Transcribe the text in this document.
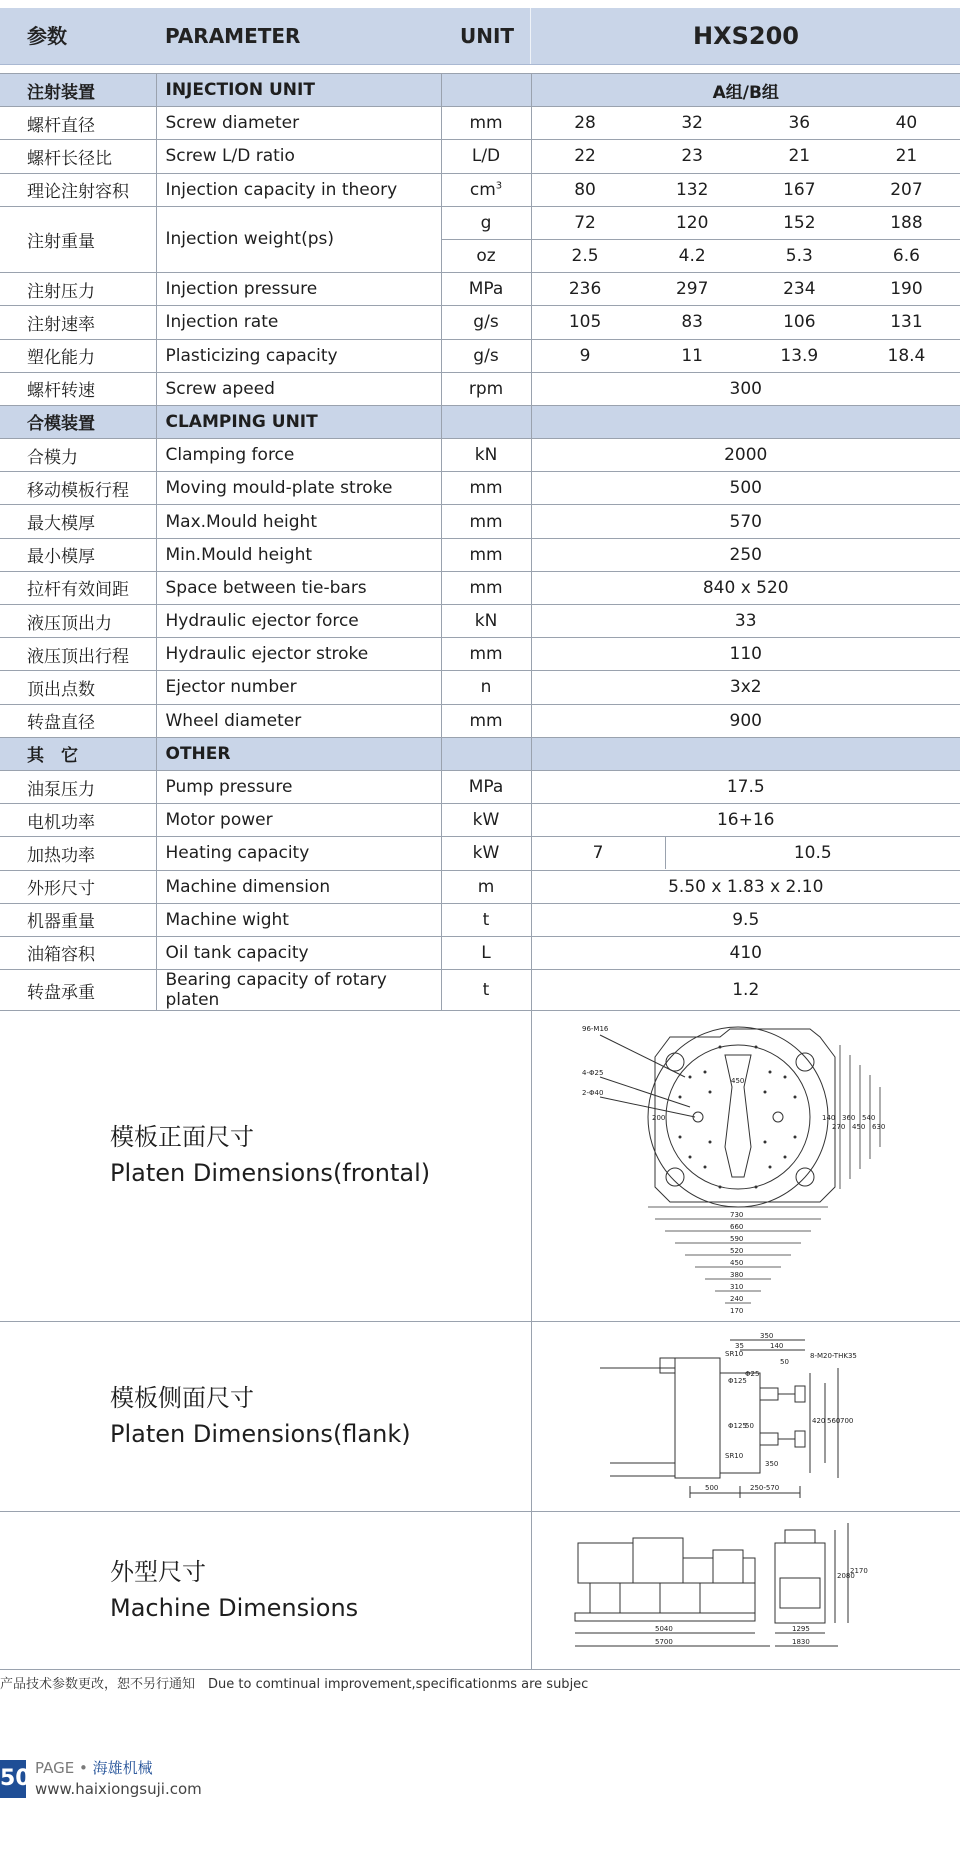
参数	PARAMETER	UNIT	HXS200
注射装置	INJECTION UNIT		A组/B组
螺杆直径	Screw diameter	mm	28 32 36 40

螺杆长径比	Screw L/D ratio	L/D	22 23 21 21

理论注射容积	Injection capacity in theory	$cm^3$	80 132 167 207

注射重量	Injection weight(ps)	g	72 120 152 188

		oz	2.5 4.2 5.3 6.6

注射压力	Injection pressure	MPa	236 297 234 190

注射速率	Injection rate	g/s	105 83 106 131

塑化能力	Plasticizing capacity	g/s	9 11 13.9 18.4

螺杆转速	Screw apeed	rpm	300
合模装置	CLAMPING UNIT		
合模力	Clamping force	kN	2000
移动模板行程	Moving mould-plate stroke	mm	500
最大模厚	Max.Mould height	mm	570
最小模厚	Min.Mould height	mm	250
拉杆有效间距	Space between tie-bars	mm	840 x 520
液压顶出力	Hydraulic ejector force	kN	33
液压顶出行程	Hydraulic ejector stroke	mm	110
顶出点数	Ejector number	n	3x2
转盘直径	Wheel diameter	mm	900
其　它	OTHER		
油泵压力	Pump pressure	MPa	17.5
电机功率	Motor power	kW	16+16
加热功率	Heating capacity	kW	7 10.5

外形尺寸	Machine dimension	m	5.50 x 1.83 x 2.10
机器重量	Machine wight	t	9.5
油箱容积	Oil tank capacity	L	410
转盘承重	Bearing capacity of rotary platen	t	1.2
模板正面尺寸
Platen Dimensions(frontal)
96-M16
4-Φ25
2-Φ40
450
170
240
310
380
450
520
590
660
730
200	140
270
360
450
540
630
模板侧面尺寸
Platen Dimensions(flank)
350
140
35
50
8-M20-THK35
SR10
Φ125
Φ25
SR10
Φ125
50
350
420 560 700
500	250-570
外型尺寸
Machine Dimensions
5040
5700
2080
2170
1295
1830
产品技术参数更改，恕不另行通知　Due to comtinual improvement,specificationms are subjec
50 PAGE • 海雄机械
www.haixiongsuji.com
